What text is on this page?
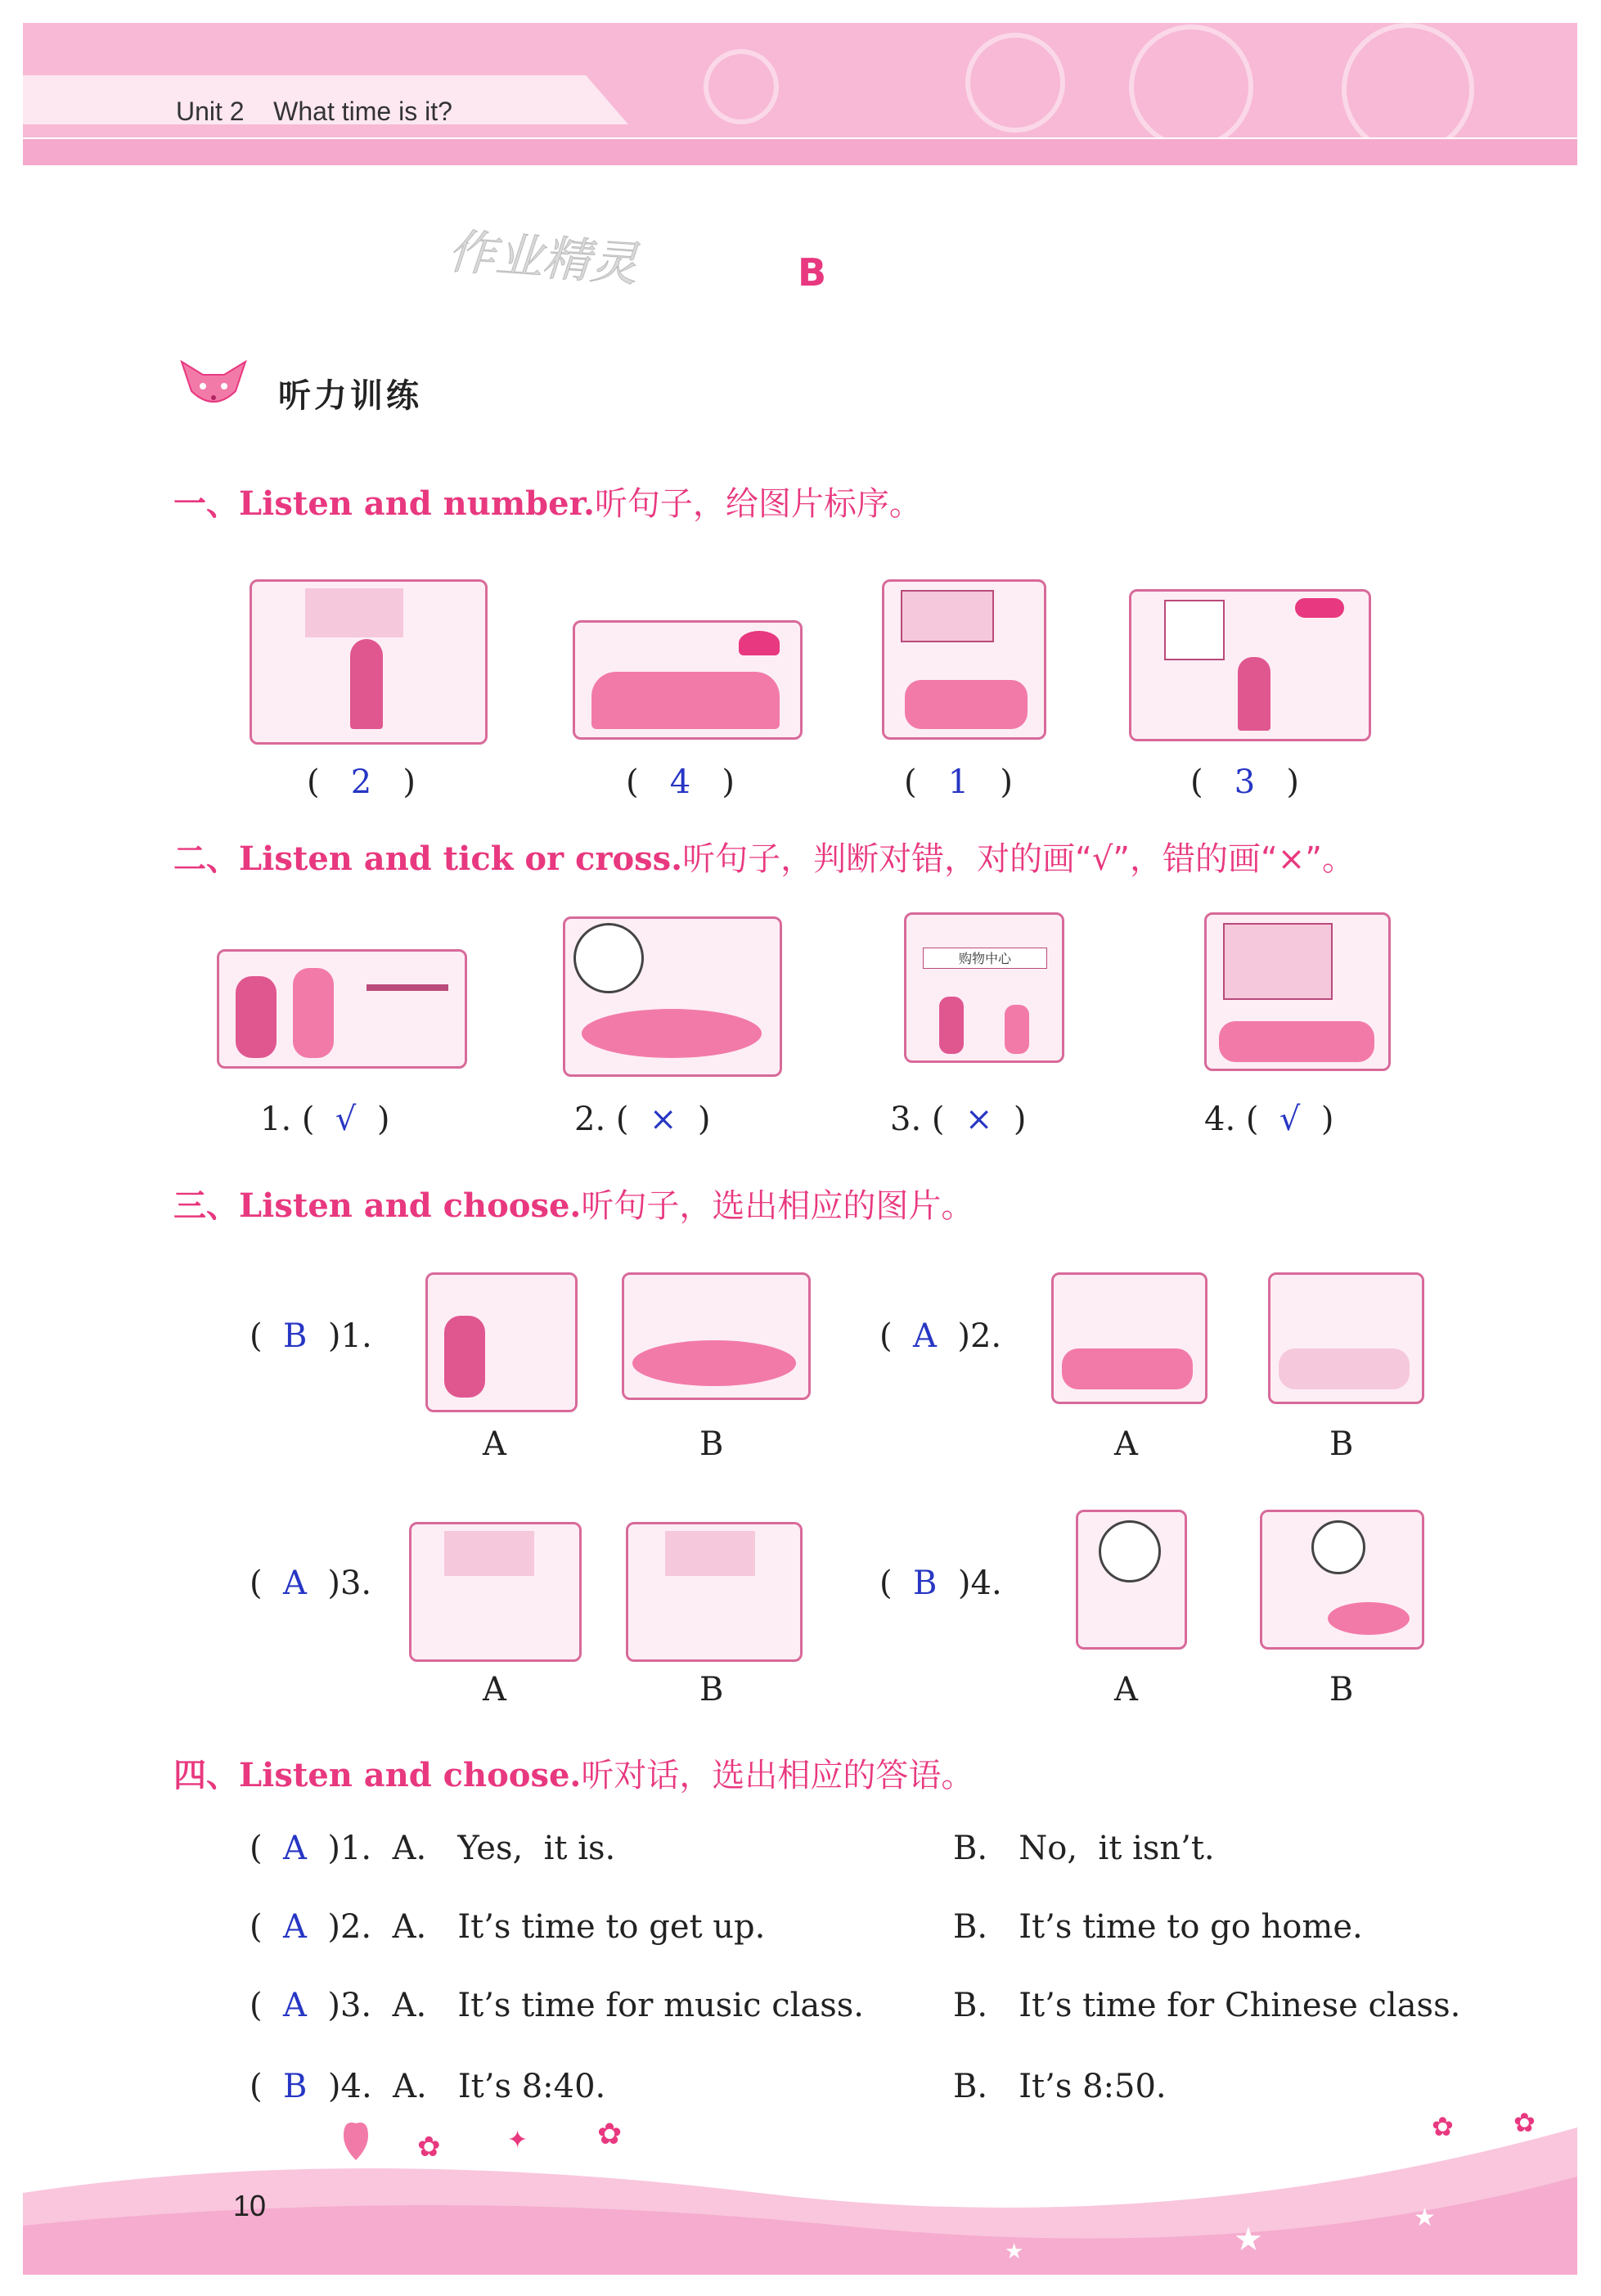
Unit 2 What time is it?
作业精灵	B
听力训练
一、Listen and number.听句子，给图片标序。
(   2   )	(   4   )	(   1   )	(   3   )
二、Listen and tick or cross.听句子，判断对错，对的画“√”，错的画“×”。
购物中心
1. (  √  )	2. (  ×  )	3. (  ×  )	4. (  √  )
三、Listen and choose.听句子，选出相应的图片。
(  B )1.
A	B
(  A )2.
A	B
(  A )3.
A	B
(  B )4.
A	B
四、Listen and choose.听对话，选出相应的答语。
(  A )1. A.   Yes,  it is.	B.   No,  it isn’t.
(  A )2. A.   It’s time to get up.	B.   It’s time to go home.
(  A )3. A.   It’s time for music class.	B.   It’s time for Chinese class.
(  B )4. A.   It’s 8:40.	B.   It’s 8:50.
★
★
★
✿	✦ ✿	✿ ✿
10
